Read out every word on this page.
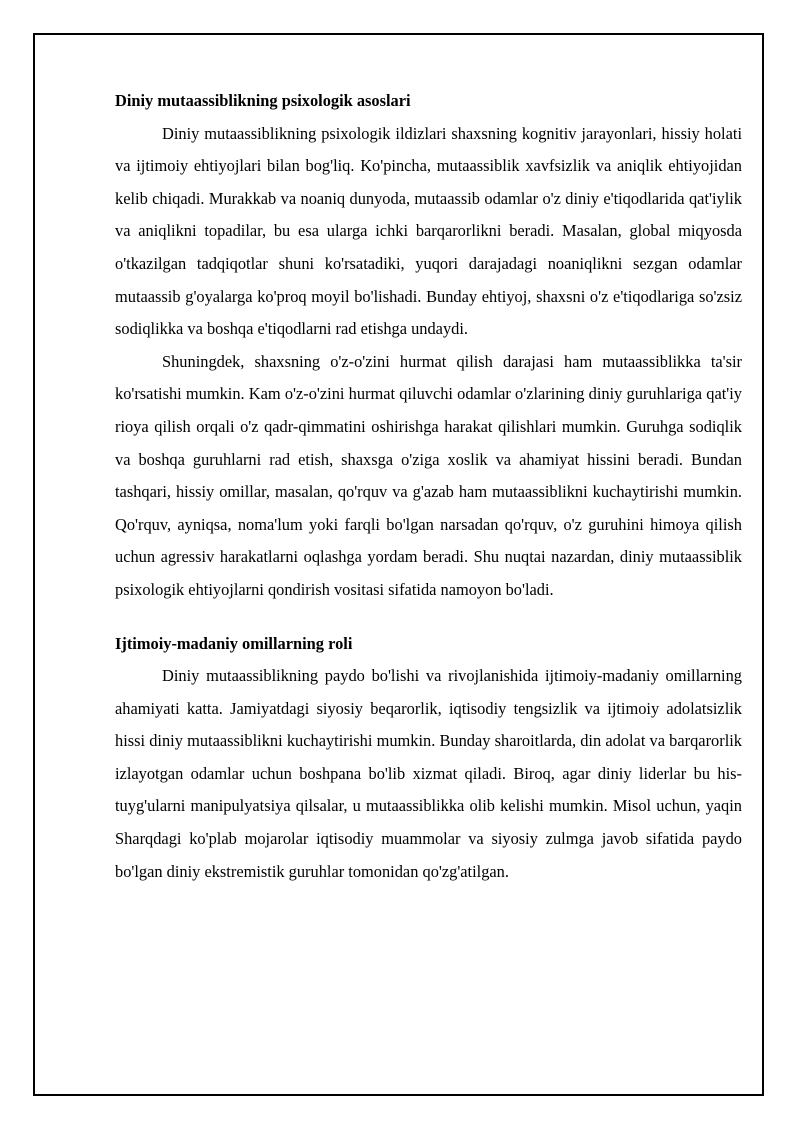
Diniy mutaassiblikning psixologik asoslari

Diniy mutaassiblikning psixologik ildizlari shaxsning kognitiv jarayonlari, hissiy holati va ijtimoiy ehtiyojlari bilan bog'liq. Ko'pincha, mutaassiblik xavfsizlik va aniqlik ehtiyojidan kelib chiqadi. Murakkab va noaniq dunyoda, mutaassib odamlar o'z diniy e'tiqodlarida qat'iylik va aniqlikni topadilar, bu esa ularga ichki barqarorlikni beradi. Masalan, global miqyosda o'tkazilgan tadqiqotlar shuni ko'rsatadiki, yuqori darajadagi noaniqlikni sezgan odamlar mutaassib g'oyalarga ko'proq moyil bo'lishadi. Bunday ehtiyoj, shaxsni o'z e'tiqodlariga so'zsiz sodiqlikka va boshqa e'tiqodlarni rad etishga undaydi.

Shuningdek, shaxsning o'z-o'zini hurmat qilish darajasi ham mutaassiblikka ta'sir ko'rsatishi mumkin. Kam o'z-o'zini hurmat qiluvchi odamlar o'zlarining diniy guruhlariga qat'iy rioya qilish orqali o'z qadr-qimmatini oshirishga harakat qilishlari mumkin. Guruhga sodiqlik va boshqa guruhlarni rad etish, shaxsga o'ziga xoslik va ahamiyat hissini beradi. Bundan tashqari, hissiy omillar, masalan, qo'rquv va g'azab ham mutaassiblikni kuchaytirishi mumkin. Qo'rquv, ayniqsa, noma'lum yoki farqli bo'lgan narsadan qo'rquv, o'z guruhini himoya qilish uchun agressiv harakatlarni oqlashga yordam beradi. Shu nuqtai nazardan, diniy mutaassiblik psixologik ehtiyojlarni qondirish vositasi sifatida namoyon bo'ladi.

Ijtimoiy-madaniy omillarning roli

Diniy mutaassiblikning paydo bo'lishi va rivojlanishida ijtimoiy-madaniy omillarning ahamiyati katta. Jamiyatdagi siyosiy beqarorlik, iqtisodiy tengsizlik va ijtimoiy adolatsizlik hissi diniy mutaassiblikni kuchaytirishi mumkin. Bunday sharoitlarda, din adolat va barqarorlik izlayotgan odamlar uchun boshpana bo'lib xizmat qiladi. Biroq, agar diniy liderlar bu his-tuyg'ularni manipulyatsiya qilsalar, u mutaassiblikka olib kelishi mumkin. Misol uchun, yaqin Sharqdagi ko'plab mojarolar iqtisodiy muammolar va siyosiy zulmga javob sifatida paydo bo'lgan diniy ekstremistik guruhlar tomonidan qo'zg'atilgan.
